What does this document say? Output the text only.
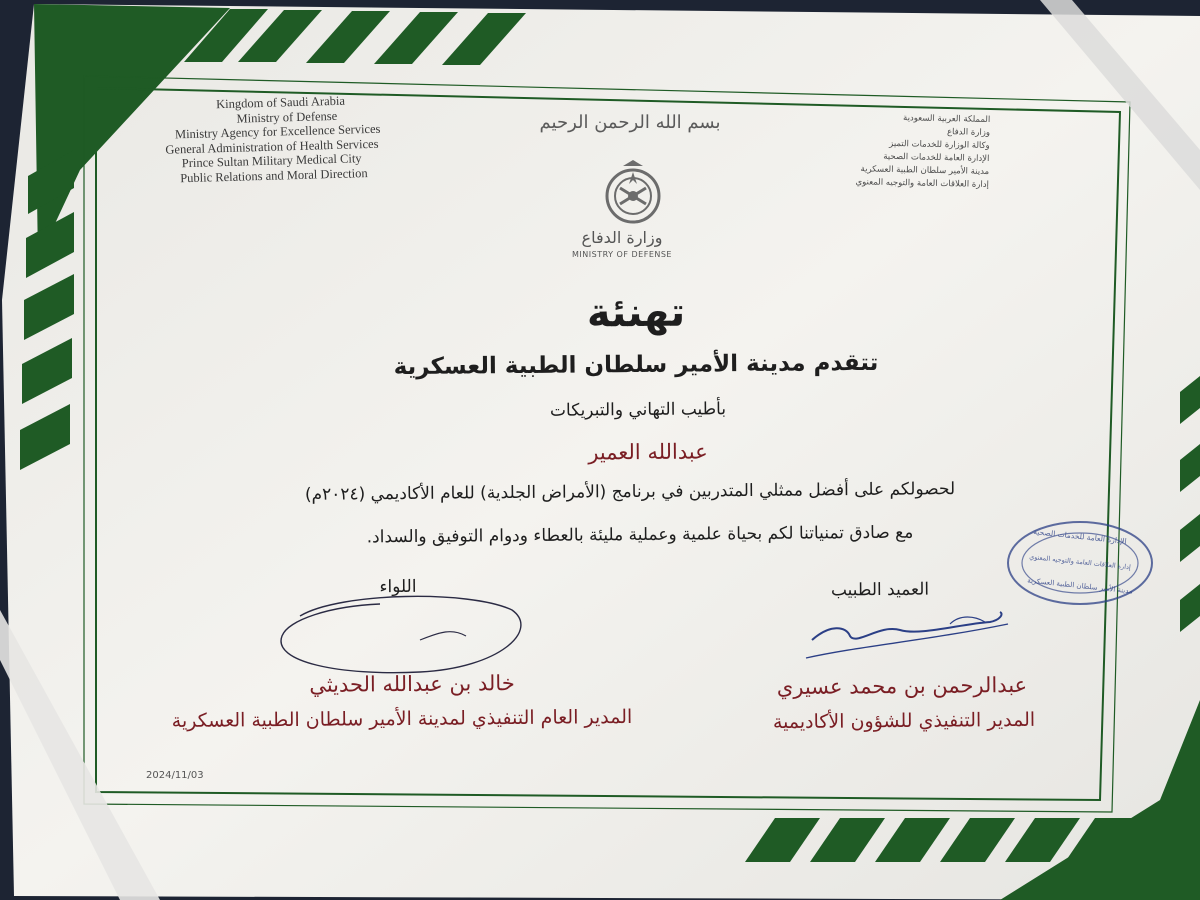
Kingdom of Saudi Arabia
Ministry of Defense
Ministry Agency for Excellence Services
General Administration of Health Services
Prince Sultan Military Medical City
Public Relations and Moral Direction
المملكة العربية السعودية
وزارة الدفاع
وكالة الوزارة للخدمات التميز
الإدارة العامة للخدمات الصحية
مدينة الأمير سلطان الطبية العسكرية
إدارة العلاقات العامة والتوجيه المعنوي
بسم الله الرحمن الرحيم
وزارة الدفاع
MINISTRY OF DEFENSE
تهنئة
تتقدم مدينة الأمير سلطان الطبية العسكرية
بأطيب التهاني والتبريكات
عبدالله العمير
لحصولكم على أفضل ممثلي المتدربين في برنامج (الأمراض الجلدية) للعام الأكاديمي (٢٠٢٤م)
مع صادق تمنياتنا لكم بحياة علمية وعملية مليئة بالعطاء ودوام التوفيق والسداد.	الإدارة العامة للخدمات الصحية
إدارة العلاقات العامة والتوجيه المعنوي
مدينة الأمير سلطان الطبية العسكرية
اللواء	العميد الطبيب
خالد بن عبدالله الحديثي
المدير العام التنفيذي لمدينة الأمير سلطان الطبية العسكرية
عبدالرحمن بن محمد عسيري
المدير التنفيذي للشؤون الأكاديمية
2024/11/03
